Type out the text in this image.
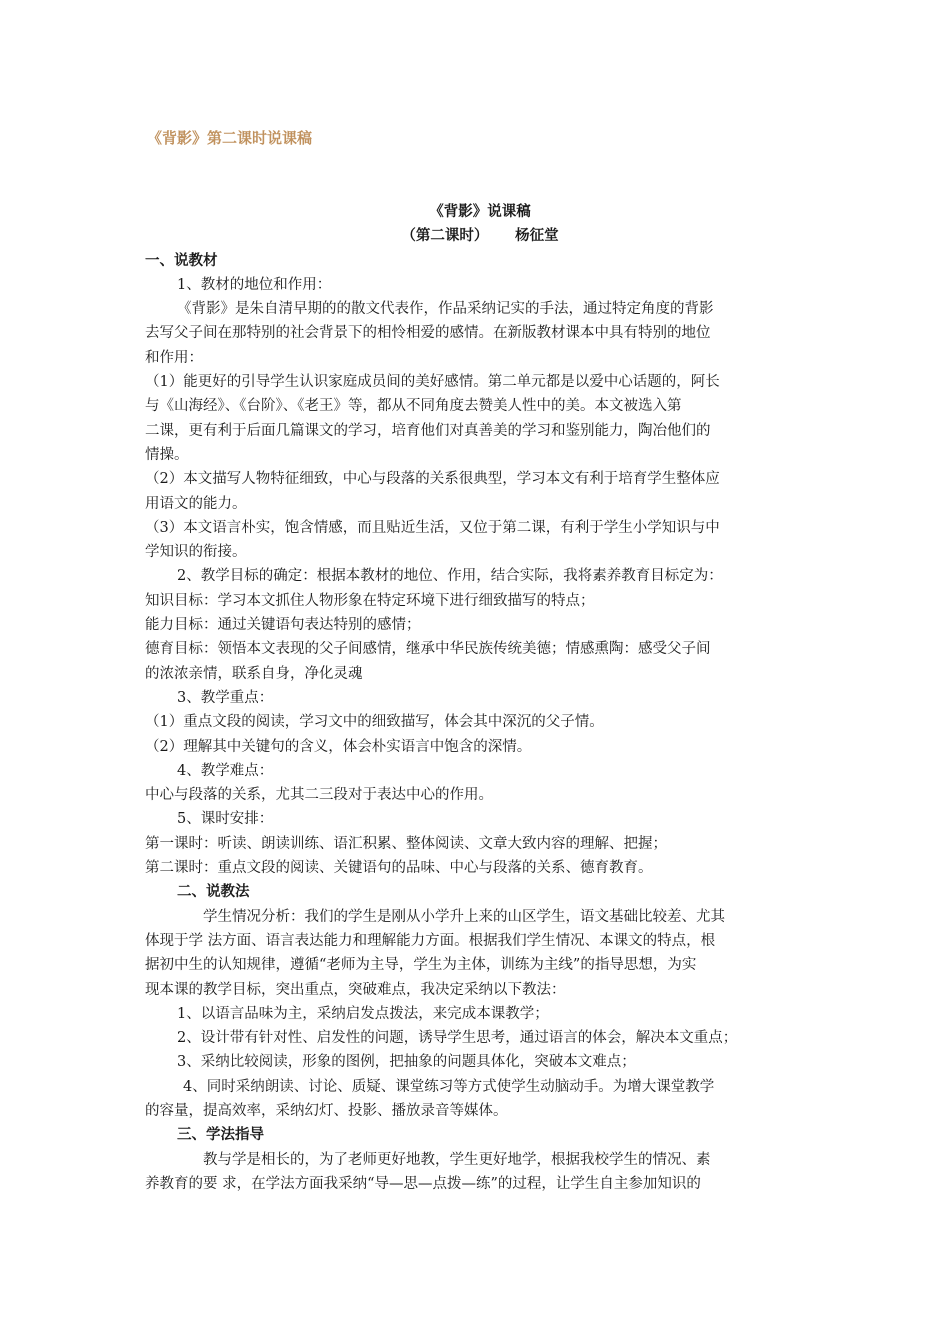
《背影》第二课时说课稿
《背影》说课稿
（第二课时）　　 杨征堂
一、说教材
1、教材的地位和作用：
《背影》是朱自清早期的的散文代表作，作品采纳记实的手法，通过特定角度的背影
去写父子间在那特别的社会背景下的相怜相爱的感情。在新版教材课本中具有特别的地位
和作用：
（1）能更好的引导学生认识家庭成员间的美好感情。第二单元都是以爱中心话题的，阿长
与《山海经》、《台阶》、《老王》等，都从不同角度去赞美人性中的美。本文被选入第
二课，更有利于后面几篇课文的学习，培育他们对真善美的学习和鉴别能力，陶冶他们的
情操。
（2）本文描写人物特征细致，中心与段落的关系很典型，学习本文有利于培育学生整体应
用语文的能力。
（3）本文语言朴实，饱含情感，而且贴近生活，又位于第二课，有利于学生小学知识与中
学知识的衔接。
2、教学目标的确定：根据本教材的地位、作用，结合实际，我将素养教育目标定为：
知识目标：学习本文抓住人物形象在特定环境下进行细致描写的特点；
能力目标：通过关键语句表达特别的感情；
德育目标：领悟本文表现的父子间感情，继承中华民族传统美德；情感熏陶：感受父子间
的浓浓亲情，联系自身，净化灵魂
3、教学重点：
（1）重点文段的阅读，学习文中的细致描写，体会其中深沉的父子情。
（2）理解其中关键句的含义，体会朴实语言中饱含的深情。
4、教学难点：
中心与段落的关系，尤其二三段对于表达中心的作用。
5、课时安排：
第一课时：听读、朗读训练、语汇积累、整体阅读、文章大致内容的理解、把握；
第二课时：重点文段的阅读、关键语句的品味、中心与段落的关系、德育教育。
二、说教法
学生情况分析：我们的学生是刚从小学升上来的山区学生，语文基础比较差、尤其
体现于学 法方面、语言表达能力和理解能力方面。根据我们学生情况、本课文的特点，根
据初中生的认知规律，遵循“老师为主导，学生为主体，训练为主线”的指导思想，为实
现本课的教学目标，突出重点，突破难点，我决定采纳以下教法：
1、以语言品味为主，采纳启发点拨法，来完成本课教学；
2、设计带有针对性、启发性的问题，诱导学生思考，通过语言的体会，解决本文重点；
3、采纳比较阅读，形象的图例，把抽象的问题具体化，突破本文难点；
4、同时采纳朗读、讨论、质疑、课堂练习等方式使学生动脑动手。为增大课堂教学
的容量，提高效率，采纳幻灯、投影、播放录音等媒体。
三、学法指导
教与学是相长的，为了老师更好地教，学生更好地学，根据我校学生的情况、素
养教育的要 求，在学法方面我采纳“导—思—点拨—练”的过程，让学生自主参加知识的
